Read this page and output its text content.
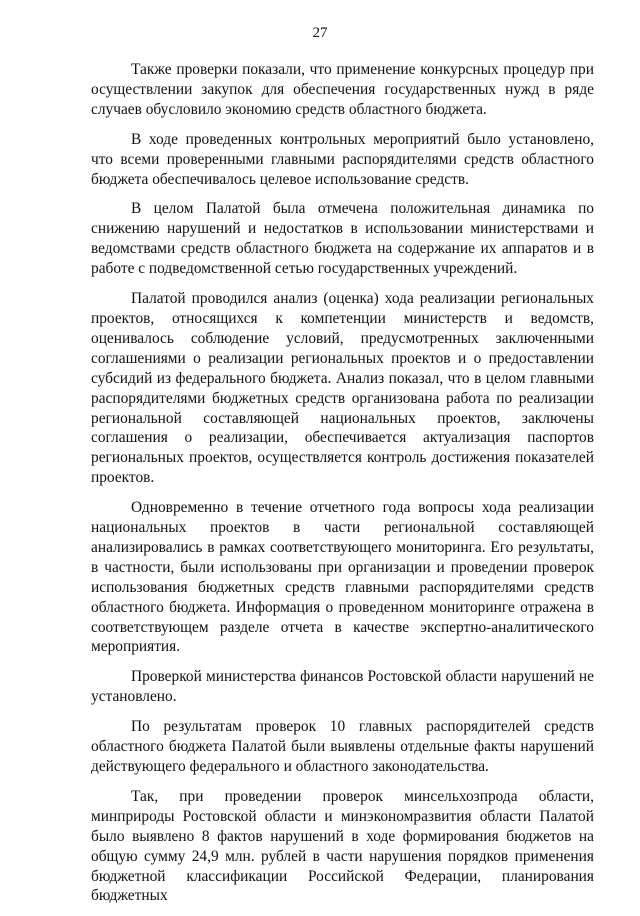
27

Также проверки показали, что применение конкурсных процедур при осуществлении закупок для обеспечения государственных нужд в ряде случаев обусловило экономию средств областного бюджета.

В ходе проведенных контрольных мероприятий было установлено, что всеми проверенными главными распорядителями средств областного бюджета обеспечивалось целевое использование средств.

В целом Палатой была отмечена положительная динамика по снижению нарушений и недостатков в использовании министерствами и ведомствами средств областного бюджета на содержание их аппаратов и в работе с подведомственной сетью государственных учреждений.

Палатой проводился анализ (оценка) хода реализации региональных проектов, относящихся к компетенции министерств и ведомств, оценивалось соблюдение условий, предусмотренных заключенными соглашениями о реализации региональных проектов и о предоставлении субсидий из федерального бюджета. Анализ показал, что в целом главными распорядителями бюджетных средств организована работа по реализации региональной составляющей национальных проектов, заключены соглашения о реализации, обеспечивается актуализация паспортов региональных проектов, осуществляется контроль достижения показателей проектов.

Одновременно в течение отчетного года вопросы хода реализации национальных проектов в части региональной составляющей анализировались в рамках соответствующего мониторинга. Его результаты, в частности, были использованы при организации и проведении проверок использования бюджетных средств главными распорядителями средств областного бюджета. Информация о проведенном мониторинге отражена в соответствующем разделе отчета в качестве экспертно-аналитического мероприятия.

Проверкой министерства финансов Ростовской области нарушений не установлено.

По результатам проверок 10 главных распорядителей средств областного бюджета Палатой были выявлены отдельные факты нарушений действующего федерального и областного законодательства.

Так, при проведении проверок минсельхозпрода области, минприроды Ростовской области и минэкономразвития области Палатой было выявлено 8 фактов нарушений в ходе формирования бюджетов на общую сумму 24,9 млн. рублей в части нарушения порядков применения бюджетной классификации Российской Федерации, планирования бюджетных
